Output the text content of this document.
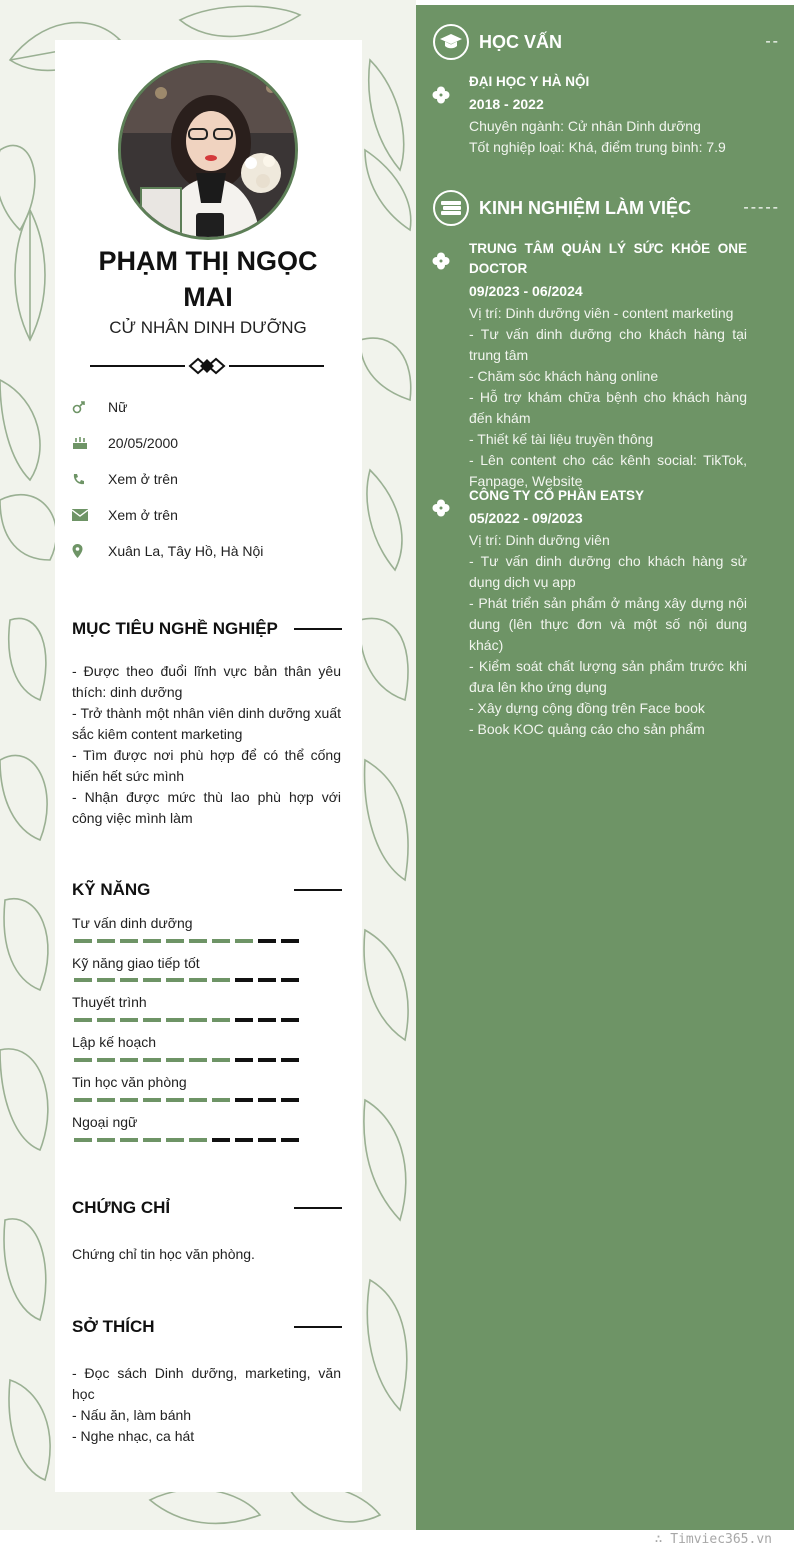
PHẠM THỊ NGỌC MAI
CỬ NHÂN DINH DƯỠNG
Nữ
20/05/2000
Xem ở trên
Xem ở trên
Xuân La, Tây Hồ, Hà Nội
MỤC TIÊU NGHỀ NGHIỆP
- Được theo đuổi lĩnh vực bản thân yêu thích: dinh dưỡng
- Trở thành một nhân viên dinh dưỡng xuất sắc kiêm content marketing
- Tìm được nơi phù hợp để có thể cống hiến hết sức mình
- Nhận được mức thù lao phù hợp với công việc mình làm
KỸ NĂNG
Tư vấn dinh dưỡng
Kỹ năng giao tiếp tốt
Thuyết trình
Lập kế hoạch
Tin học văn phòng
Ngoại ngữ
CHỨNG CHỈ
Chứng chỉ tin học văn phòng.
SỞ THÍCH
- Đọc sách Dinh dưỡng, marketing, văn học
- Nấu ăn, làm bánh
- Nghe nhạc, ca hát
HỌC VẤN	--
ĐẠI HỌC Y HÀ NỘI
2018 - 2022
Chuyên ngành: Cử nhân Dinh dưỡng
Tốt nghiệp loại: Khá, điểm trung bình: 7.9
KINH NGHIỆM LÀM VIỆC	-----
TRUNG TÂM QUẢN LÝ SỨC KHỎE ONE DOCTOR
09/2023 - 06/2024
Vị trí: Dinh dưỡng viên - content marketing
- Tư vấn dinh dưỡng cho khách hàng tại trung tâm
- Chăm sóc khách hàng online
- Hỗ trợ khám chữa bệnh cho khách hàng đến khám
- Thiết kế tài liệu truyền thông
- Lên content cho các kênh social: TikTok, Fanpage, Website
CÔNG TY CỔ PHẦN EATSY
05/2022 - 09/2023
Vị trí: Dinh dưỡng viên
- Tư vấn dinh dưỡng cho khách hàng sử dụng dịch vụ app
- Phát triển sản phẩm ở mảng xây dựng nội dung (lên thực đơn và một số nội dung khác)
- Kiểm soát chất lượng sản phẩm trước khi đưa lên kho ứng dụng
- Xây dựng cộng đồng trên Face book
- Book KOC quảng cáo cho sản phẩm
∴ Timviec365.vn
